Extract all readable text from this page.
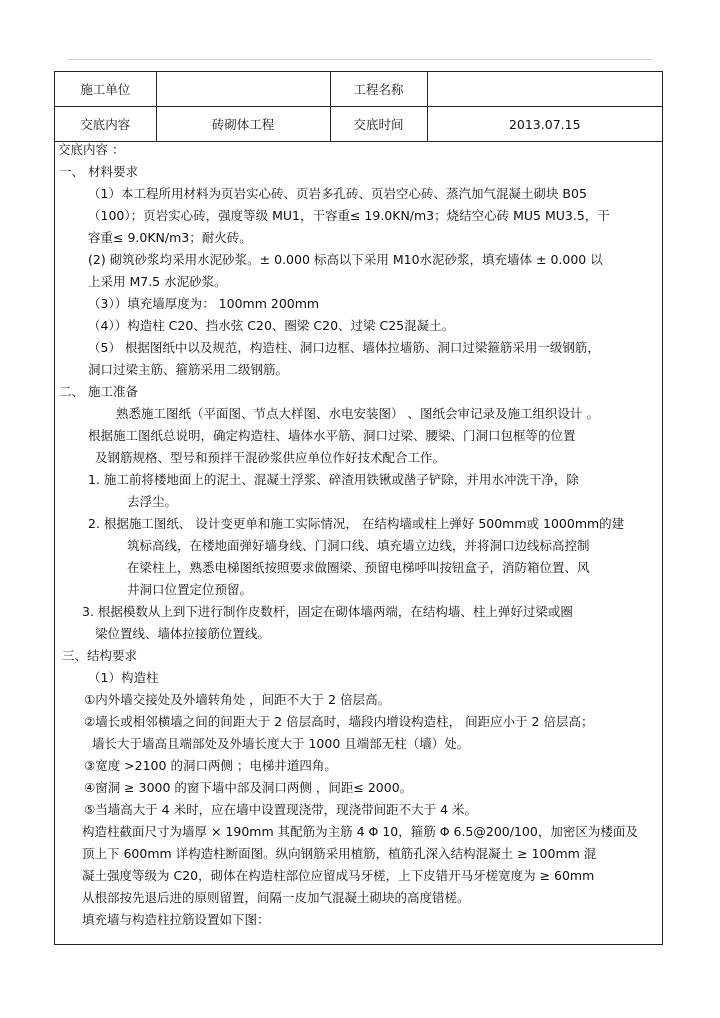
施工单位		工程名称	
交底内容	砖砌体工程	交底时间	2013.07.15
交底内容 ：
一、 材料要求
（1）本工程所用材料为页岩实心砖、页岩多孔砖、页岩空心砖、蒸汽加气混凝土砌块 B05
（100）；页岩实心砖，强度等级 MU1，干容重≤ 19.0KN/m3；烧结空心砖 MU5 MU3.5，干
容重≤ 9.0KN/m3；耐火砖。
(2) 砌筑砂浆均采用水泥砂浆。± 0.000 标高以下采用 M10水泥砂浆，填充墙体 ± 0.000 以
上采用 M7.5 水泥砂浆。
（3））填充墙厚度为： 100mm 200mm
（4））构造柱 C20、挡水弦 C20、圈梁 C20、过梁 C25混凝土。
（5） 根据图纸中以及规范，构造柱、洞口边框、墙体拉墙筋、洞口过梁箍筋采用一级钢筋，
洞口过梁主筋、箍筋采用二级钢筋。
二、 施工准备
熟悉施工图纸（平面图、节点大样图、水电安装图） 、图纸会审记录及施工组织设计 。
根据施工图纸总说明，确定构造柱、墙体水平筋、洞口过梁、腰梁、门洞口包框等的位置
及钢筋规格、型号和预拌干混砂浆供应单位作好技术配合工作。
1. 施工前将楼地面上的泥土、混凝土浮浆、碎渣用铁锹或凿子铲除，并用水冲洗干净，除
去浮尘。
2. 根据施工图纸、 设计变更单和施工实际情况， 在结构墙或柱上弹好 500mm或 1000mm的建
筑标高线，在楼地面弹好墙身线、门洞口线、填充墙立边线，并将洞口边线标高控制
在梁柱上，熟悉电梯图纸按照要求做圈梁、预留电梯呼叫按钮盒子，消防箱位置、风
井洞口位置定位预留。
3. 根据模数从上到下进行制作皮数杆，固定在砌体墙两端，在结构墙、柱上弹好过梁或圈
梁位置线、墙体拉接筋位置线。
三、结构要求
（1）构造柱
①内外墙交接处及外墙转角处 ，间距不大于 2 倍层高。
②墙长或相邻横墙之间的间距大于 2 倍层高时，墙段内增设构造柱， 间距应小于 2 倍层高；
墙长大于墙高且端部处及外墙长度大于 1000 且端部无柱（墙）处。
③宽度 >2100 的洞口两侧 ；电梯井道四角。
④窗洞 ≥ 3000 的窗下墙中部及洞口两侧 ，间距≤ 2000。
⑤当墙高大于 4 米时，应在墙中设置现浇带，现浇带间距不大于 4 米。
构造柱截面尺寸为墙厚 × 190mm 其配筋为主筋 4 Φ 10，箍筋 Φ 6.5@200/100，加密区为楼面及
顶上下 600mm 详构造柱断面图。纵向钢筋采用植筋，植筋孔深入结构混凝土 ≥ 100mm 混
凝土强度等级为 C20，砌体在构造柱部位应留成马牙槎，上下皮错开马牙槎宽度为 ≥ 60mm
从根部按先退后进的原则留置，间隔一皮加气混凝土砌块的高度错槎。
填充墙与构造柱拉筋设置如下图：
